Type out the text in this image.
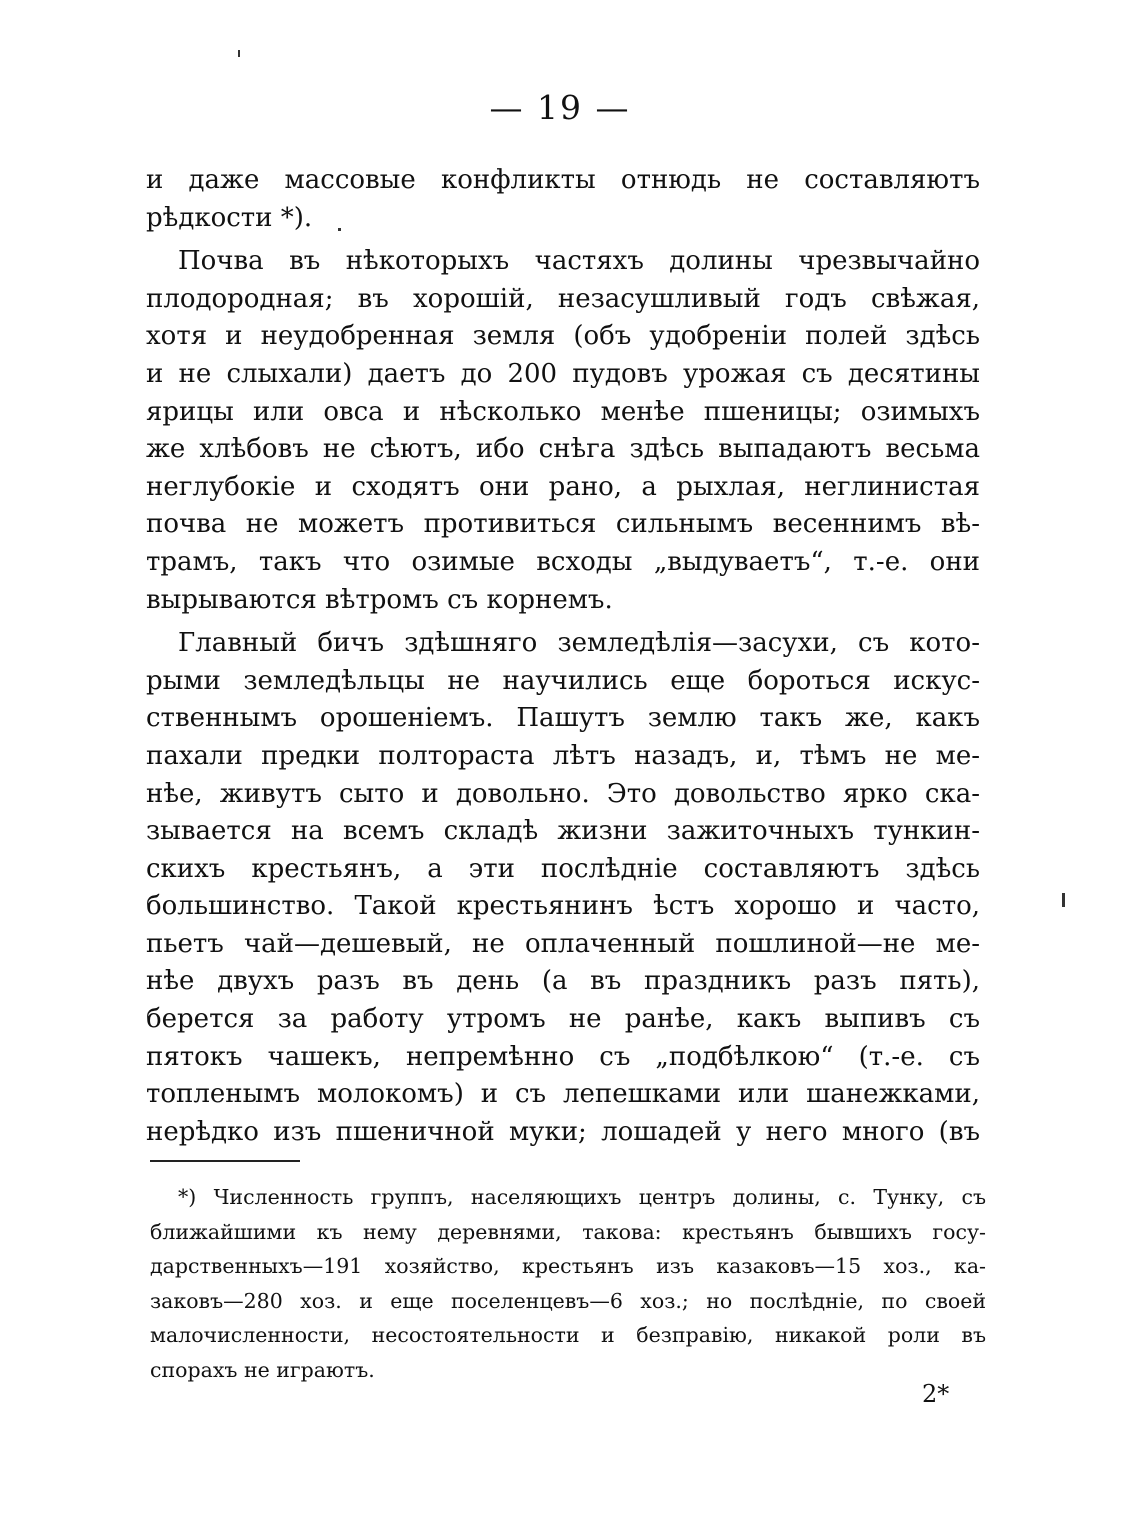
— 19 —
и даже массовые конфликты отнюдь не составляютъ
рѣдкости *).
Почва въ нѣкоторыхъ частяхъ долины чрезвычайно
плодородная; въ хорошій, незасушливый годъ свѣжая,
хотя и неудобренная земля (объ удобреніи полей здѣсь
и не слыхали) даетъ до 200 пудовъ урожая съ десятины
ярицы или овса и нѣсколько менѣе пшеницы; озимыхъ
же хлѣбовъ не сѣютъ, ибо снѣга здѣсь выпадаютъ весьма
неглубокіе и сходятъ они рано, а рыхлая, неглинистая
почва не можетъ противиться сильнымъ весеннимъ вѣ-
трамъ, такъ что озимые всходы „выдуваетъ“, т.-е. они
вырываются вѣтромъ съ корнемъ.
Главный бичъ здѣшняго земледѣлія—засухи, съ кото-
рыми земледѣльцы не научились еще бороться искус-
ственнымъ орошеніемъ. Пашутъ землю такъ же, какъ
пахали предки полтораста лѣтъ назадъ, и, тѣмъ не ме-
нѣе, живутъ сыто и довольно. Это довольство ярко ска-
зывается на всемъ складѣ жизни зажиточныхъ тункин-
скихъ крестьянъ, а эти послѣдніе составляютъ здѣсь
большинство. Такой крестьянинъ ѣстъ хорошо и часто,
пьетъ чай—дешевый, не оплаченный пошлиной—не ме-
нѣе двухъ разъ въ день (а въ праздникъ разъ пять),
берется за работу утромъ не ранѣе, какъ выпивъ съ
пятокъ чашекъ, непремѣнно съ „подбѣлкою“ (т.-е. съ
топленымъ молокомъ) и съ лепешками или шанежками,
нерѣдко изъ пшеничной муки; лошадей у него много (въ
*) Численность группъ, населяющихъ центръ долины, с. Тунку, съ
ближайшими къ нему деревнями, такова: крестьянъ бывшихъ госу-
дарственныхъ—191 хозяйство, крестьянъ изъ казаковъ—15 хоз., ка-
заковъ—280 хоз. и еще поселенцевъ—6 хоз.; но послѣдніе, по своей
малочисленности, несостоятельности и безправію, никакой роли въ
спорахъ не играютъ.
2*
